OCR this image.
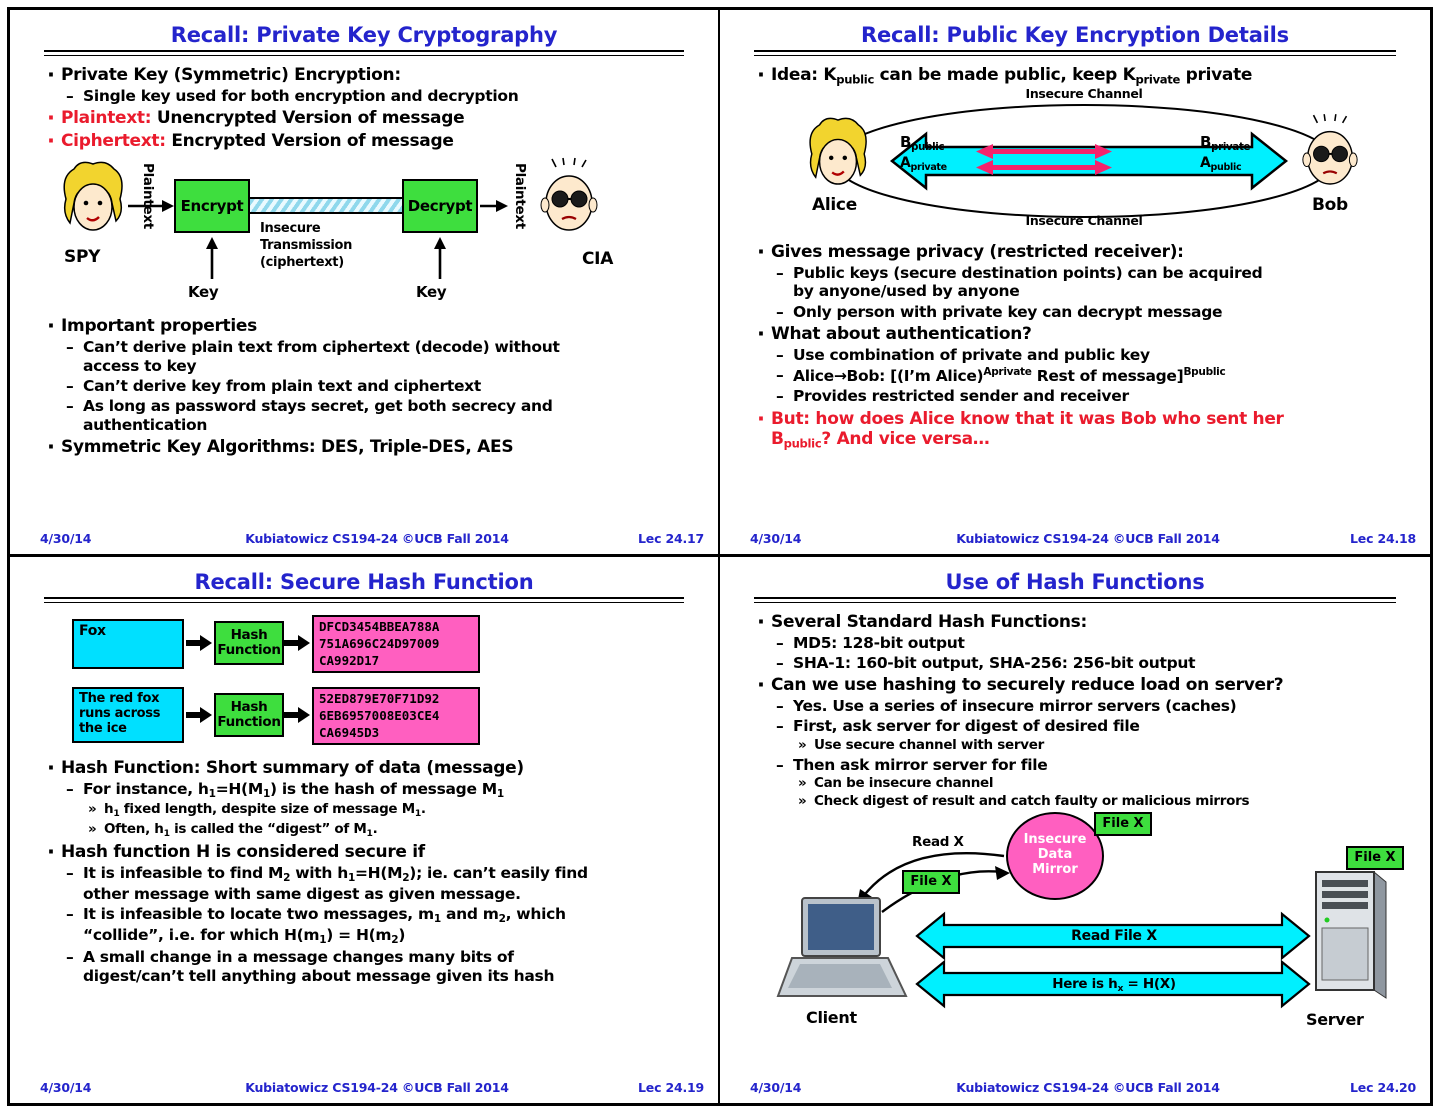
Recall: Private Key Cryptography
· Private Key (Symmetric) Encryption:
– Single key used for both encryption and decryption
· Plaintext: Unencrypted Version of message
· Ciphertext: Encrypted Version of message
SPY
Plaintext	Encrypt	Decrypt
Insecure
Transmission
(ciphertext)
Key	Key
Plaintext
CIA
· Important properties
– Can’t derive plain text from ciphertext (decode) without access to key
– Can’t derive key from plain text and ciphertext
– As long as password stays secret, get both secrecy and authentication
· Symmetric Key Algorithms: DES, Triple-DES, AES
4/30/14	Kubiatowicz CS194-24 ©UCB Fall 2014	Lec 24.17
Recall: Public Key Encryption Details
· Idea: $K_{public}$ can be made public, keep $K_{private}$ private
Insecure Channel
$B_{public}$
$A_{private}$
$B_{private}$
$A_{public}$
Alice	Bob
Insecure Channel
· Gives message privacy (restricted receiver):
– Public keys (secure destination points) can be acquired by anyone/used by anyone
– Only person with private key can decrypt message
· What about authentication?
– Use combination of private and public key
– Alice→Bob: [(I’m Alice)$^{Aprivate}$ Rest of message]$^{Bpublic}$
– Provides restricted sender and receiver
· But: how does Alice know that it was Bob who sent her $B_{public}$? And vice versa…
4/30/14	Kubiatowicz CS194-24 ©UCB Fall 2014	Lec 24.18
Recall: Secure Hash Function
Fox	Hash
Function
DFCD3454BBEA788A
751A696C24D97009
CA992D17
The red fox
runs across
the ice
Hash
Function
52ED879E70F71D92
6EB6957008E03CE4
CA6945D3
· Hash Function: Short summary of data (message)
– For instance, $h_1=H(M_1)$ is the hash of message $M_1$
» $h_1$ fixed length, despite size of message $M_1$.
» Often, $h_1$ is called the “digest” of $M_1$.
· Hash function H is considered secure if
– It is infeasible to find $M_2$ with $h_1=H(M_2)$; ie. can’t easily find other message with same digest as given message.
– It is infeasible to locate two messages, $m_1$ and $m_2$, which “collide”, i.e. for which $H(m_1) = H(m_2)$
– A small change in a message changes many bits of digest/can’t tell anything about message given its hash
4/30/14	Kubiatowicz CS194-24 ©UCB Fall 2014	Lec 24.19
Use of Hash Functions
· Several Standard Hash Functions:
– MD5: 128-bit output
– SHA-1: 160-bit output, SHA-256: 256-bit output
· Can we use hashing to securely reduce load on server?
– Yes. Use a series of insecure mirror servers (caches)
– First, ask server for digest of desired file
» Use secure channel with server
– Then ask mirror server for file
» Can be insecure channel
» Check digest of result and catch faulty or malicious mirrors
Insecure
Data
Mirror
File X
Read X
File X
Client	Server
File X
Read File X
Here is $h_x = H(X)$
4/30/14	Kubiatowicz CS194-24 ©UCB Fall 2014	Lec 24.20
